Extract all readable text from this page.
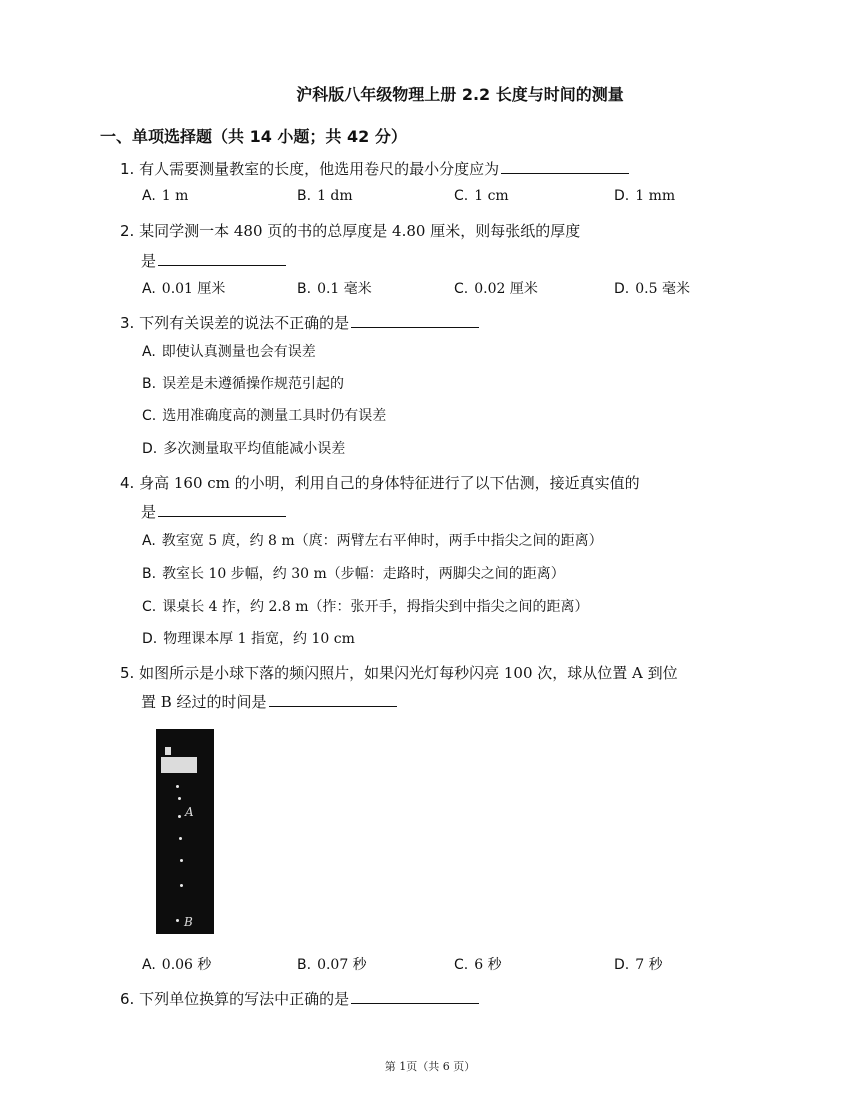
沪科版八年级物理上册 2.2 长度与时间的测量
一、单项选择题（共 14 小题；共 42 分）
1. 有人需要测量教室的长度，他选用卷尺的最小分度应为
A. 1 m	B. 1 dm	C. 1 cm	D. 1 mm
2. 某同学测一本 480 页的书的总厚度是 4.80 厘米，则每张纸的厚度
是
A. 0.01 厘米	B. 0.1 毫米	C. 0.02 厘米	D. 0.5 毫米
3. 下列有关误差的说法不正确的是
A. 即使认真测量也会有误差
B. 误差是未遵循操作规范引起的
C. 选用准确度高的测量工具时仍有误差
D. 多次测量取平均值能减小误差
4. 身高 160 cm 的小明，利用自己的身体特征进行了以下估测，接近真实值的
是
A. 教室宽 5 庹，约 8 m（庹：两臂左右平伸时，两手中指尖之间的距离）
B. 教室长 10 步幅，约 30 m（步幅：走路时，两脚尖之间的距离）
C. 课桌长 4 拃，约 2.8 m（拃：张开手，拇指尖到中指尖之间的距离）
D. 物理课本厚 1 指宽，约 10 cm
5. 如图所示是小球下落的频闪照片，如果闪光灯每秒闪亮 100 次，球从位置 A 到位
置 B 经过的时间是
A
B
A. 0.06 秒	B. 0.07 秒	C. 6 秒	D. 7 秒
6. 下列单位换算的写法中正确的是
第 1页（共 6 页）
